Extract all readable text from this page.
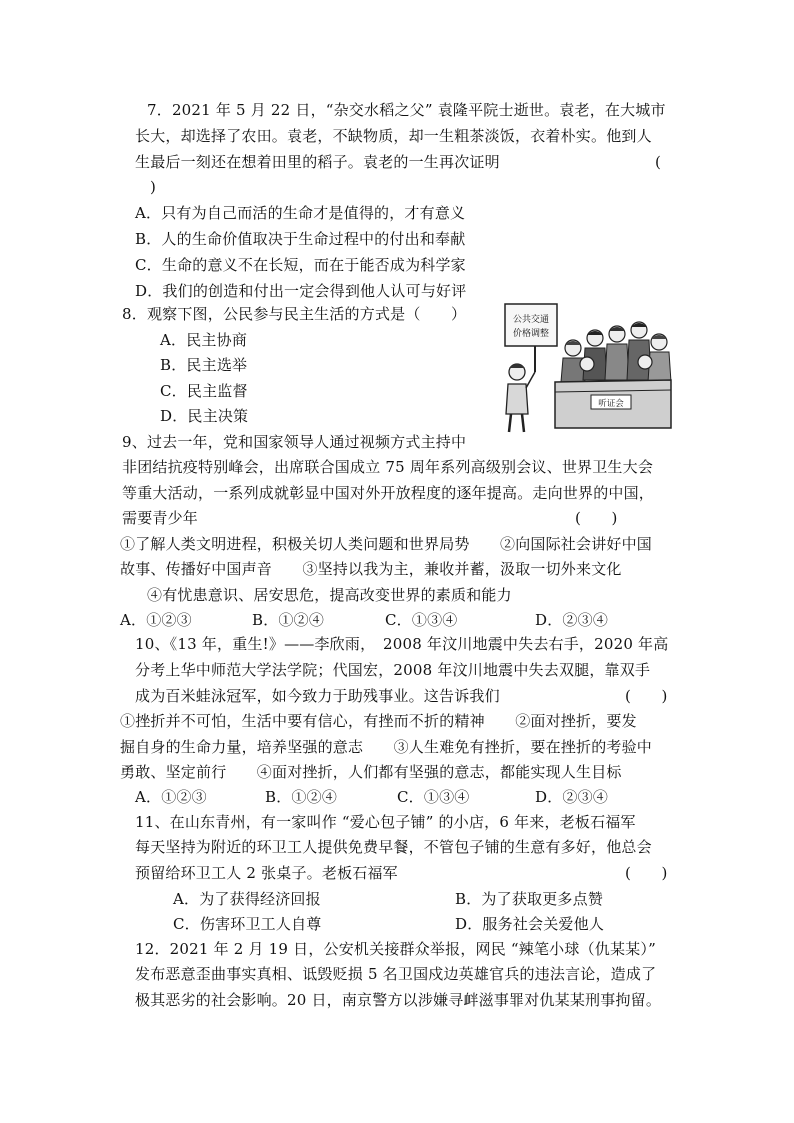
7．2021 年 5 月 22 日，“杂交水稻之父” 袁隆平院士逝世。袁老，在大城市
长大，却选择了农田。袁老，不缺物质，却一生粗茶淡饭，衣着朴实。他到人
生最后一刻还在想着田里的稻子。袁老的一生再次证明	(
)
A．只有为自己而活的生命才是值得的，才有意义
B．人的生命价值取决于生命过程中的付出和奉献
C．生命的意义不在长短，而在于能否成为科学家
D．我们的创造和付出一定会得到他人认可与好评
8．观察下图，公民参与民主生活的方式是（　　）
A．民主协商
B．民主选举
C．民主监督
D．民主决策
公共交通
价格调整
听证会
9、过去一年，党和国家领导人通过视频方式主持中
非团结抗疫特别峰会，出席联合国成立 75 周年系列高级别会议、世界卫生大会
等重大活动，一系列成就彰显中国对外开放程度的逐年提高。走向世界的中国，
需要青少年	(　　)
①了解人类文明进程，积极关切人类问题和世界局势　　②向国际社会讲好中国
故事、传播好中国声音　　③坚持以我为主，兼收并蓄，汲取一切外来文化
④有忧患意识、居安思危，提高改变世界的素质和能力
A．①②③	B．①②④	C．①③④	D．②③④
10、《13 年，重生!》——李欣雨，　2008 年汶川地震中失去右手，2020 年高
分考上华中师范大学法学院；代国宏，2008 年汶川地震中失去双腿，靠双手
成为百米蛙泳冠军，如今致力于助残事业。这告诉我们	(　　)
①挫折并不可怕，生活中要有信心，有挫而不折的精神　　②面对挫折，要发
掘自身的生命力量，培养坚强的意志　　③人生难免有挫折，要在挫折的考验中
勇敢、坚定前行　　④面对挫折，人们都有坚强的意志，都能实现人生目标
A．①②③	B．①②④	C．①③④	D．②③④
11、在山东青州，有一家叫作 “爱心包子铺” 的小店，6 年来，老板石福军
每天坚持为附近的环卫工人提供免费早餐，不管包子铺的生意有多好，他总会
预留给环卫工人 2 张桌子。老板石福军	(　　)
A．为了获得经济回报	B．为了获取更多点赞
C．伤害环卫工人自尊	D．服务社会关爱他人
12．2021 年 2 月 19 日，公安机关接群众举报，网民 “辣笔小球（仇某某）”
发布恶意歪曲事实真相、诋毁贬损 5 名卫国戍边英雄官兵的违法言论，造成了
极其恶劣的社会影响。20 日，南京警方以涉嫌寻衅滋事罪对仇某某刑事拘留。
